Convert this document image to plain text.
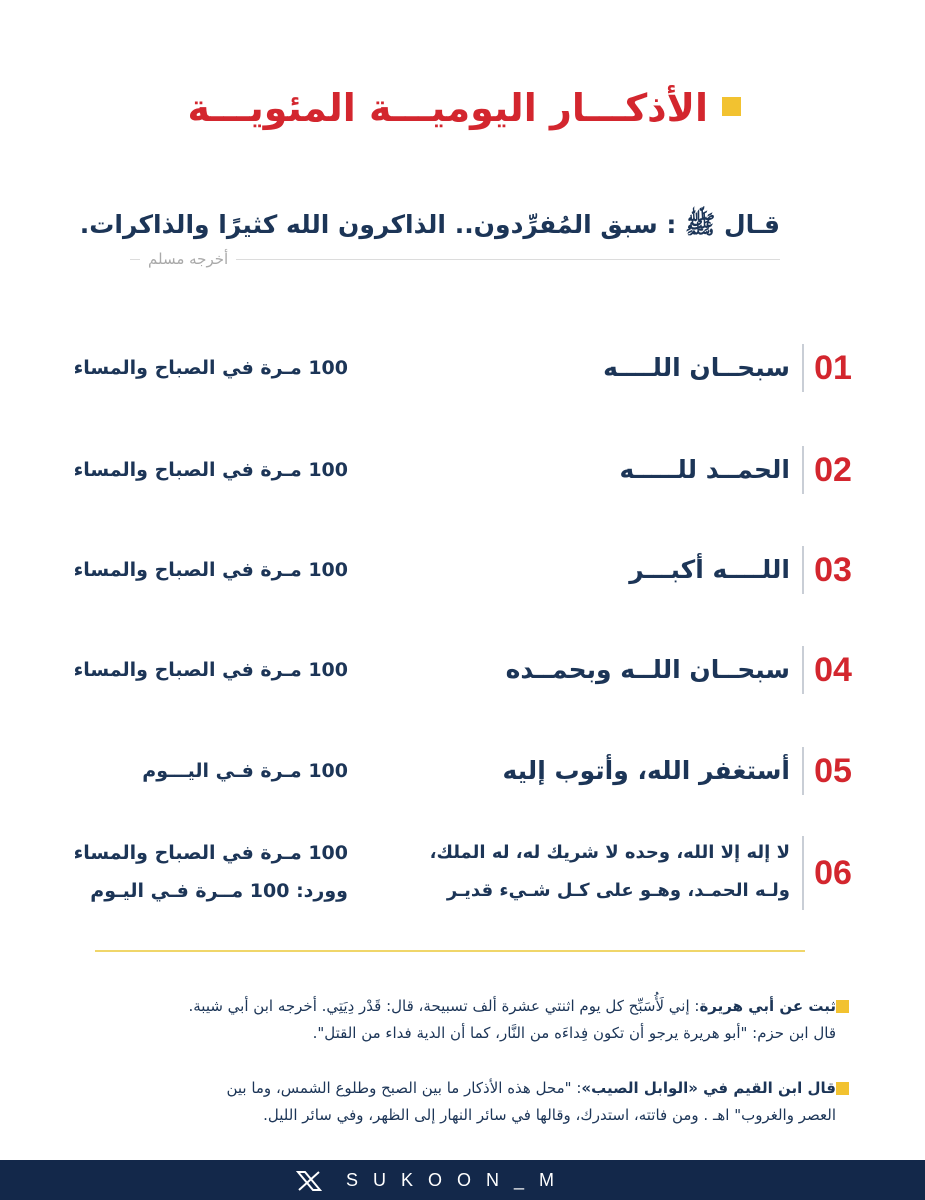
الأذكـــار اليوميـــة المئويـــة
قـال ﷺ : سبق المُفرِّدون.. الذاكرون الله كثيرًا والذاكرات.
أخرجه مسلم
01
سبحــان اللــــه
100 مـرة في الصباح والمساء
02
الحمــد للـــــه
100 مـرة في الصباح والمساء
03
اللــــه أكبـــر
100 مـرة في الصباح والمساء
04
سبحــان اللــه وبحمــده
100 مـرة في الصباح والمساء
05
أستغفر الله، وأتوب إليه
100 مـرة فـي اليـــوم
06
لا إله إلا الله، وحده لا شريك له، له الملك،
ولـه الحمـد، وهـو على كـل شـيء قديـر
100 مـرة في الصباح والمساء
وورد: 100 مــرة فـي اليـوم
ثبت عن أبي هريرة: إني لَأُسَبِّح كل يوم اثنتي عشرة ألف تسبيحة، قال: قَدْر دِيَتِي. أخرجه ابن أبي شيبة.
قال ابن حزم: "أبو هريرة يرجو أن تكون فِداءَه من النَّار، كما أن الدية فداء من القتل".
قال ابن القيم في «الوابل الصيب»: "محل هذه الأذكار ما بين الصبح وطلوع الشمس، وما بين
العصر والغروب" اهـ . ومن فاتته، استدرك، وقالها في سائر النهار إلى الظهر، وفي سائر الليل.
SUKOON_M
